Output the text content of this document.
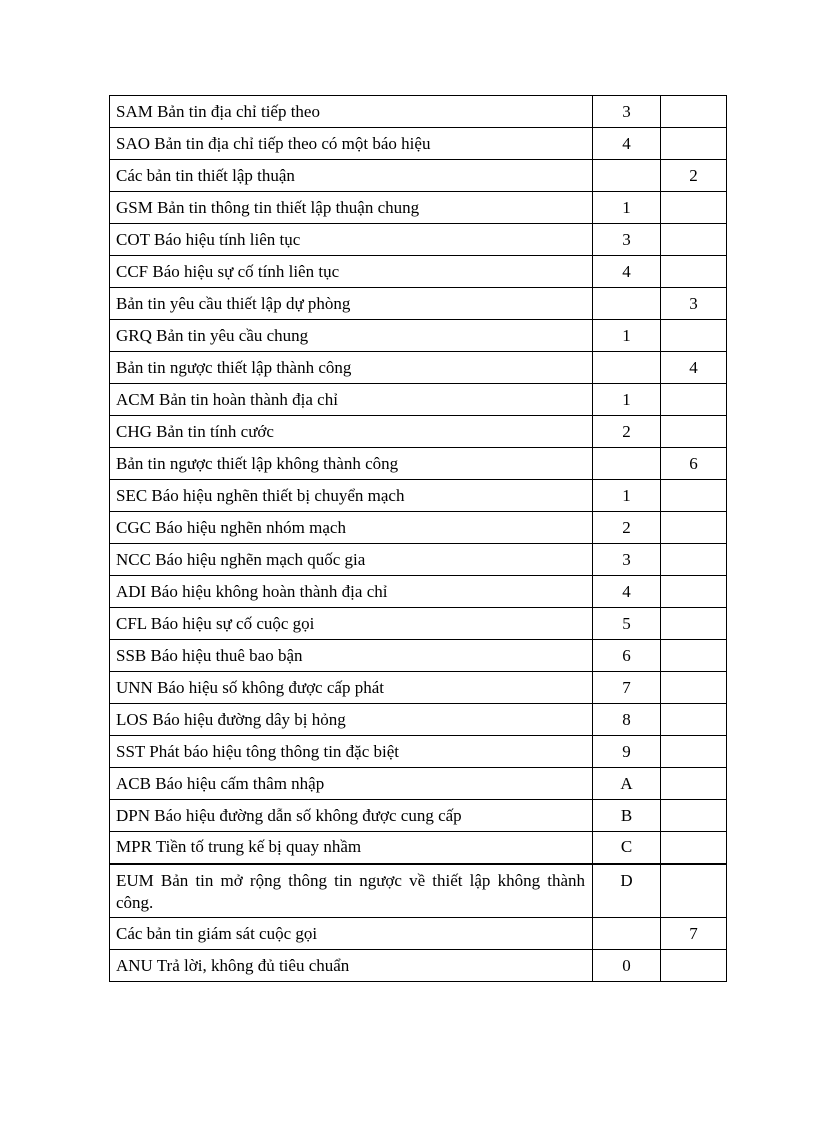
SAM Bản tin địa chỉ tiếp theo	3	
SAO Bản tin địa chỉ tiếp theo có một báo hiệu	4	
Các bản tin thiết lập thuận		2
GSM Bản tin thông tin thiết lập thuận chung	1	
COT Báo hiệu tính liên tục	3	
CCF Báo hiệu sự cố tính liên tục	4	
Bản tin yêu cầu thiết lập dự phòng		3
GRQ Bản tin yêu cầu chung	1	
Bản tin ngược thiết lập thành công		4
ACM Bản tin hoàn thành địa chỉ	1	
CHG Bản tin tính cước	2	
Bản tin ngược thiết lập không thành công		6
SEC Báo hiệu nghẽn thiết bị chuyển mạch	1	
CGC Báo hiệu nghẽn nhóm mạch	2	
NCC Báo hiệu nghẽn mạch quốc gia	3	
ADI Báo hiệu không hoàn thành địa chỉ	4	
CFL Báo hiệu sự cố cuộc gọi	5	
SSB Báo hiệu thuê bao bận	6	
UNN Báo hiệu số không được cấp phát	7	
LOS Báo hiệu đường dây bị hỏng	8	
SST Phát báo hiệu tông thông tin đặc biệt	9	
ACB Báo hiệu cấm thâm nhập	A	
DPN Báo hiệu đường dẫn số không được cung cấp	B	
MPR Tiền tố trung kế bị quay nhầm	C	
EUM Bản tin mở rộng thông tin ngược về thiết lập không thành công.	D	
Các bản tin giám sát cuộc gọi		7
ANU Trả lời, không đủ tiêu chuẩn	0	
